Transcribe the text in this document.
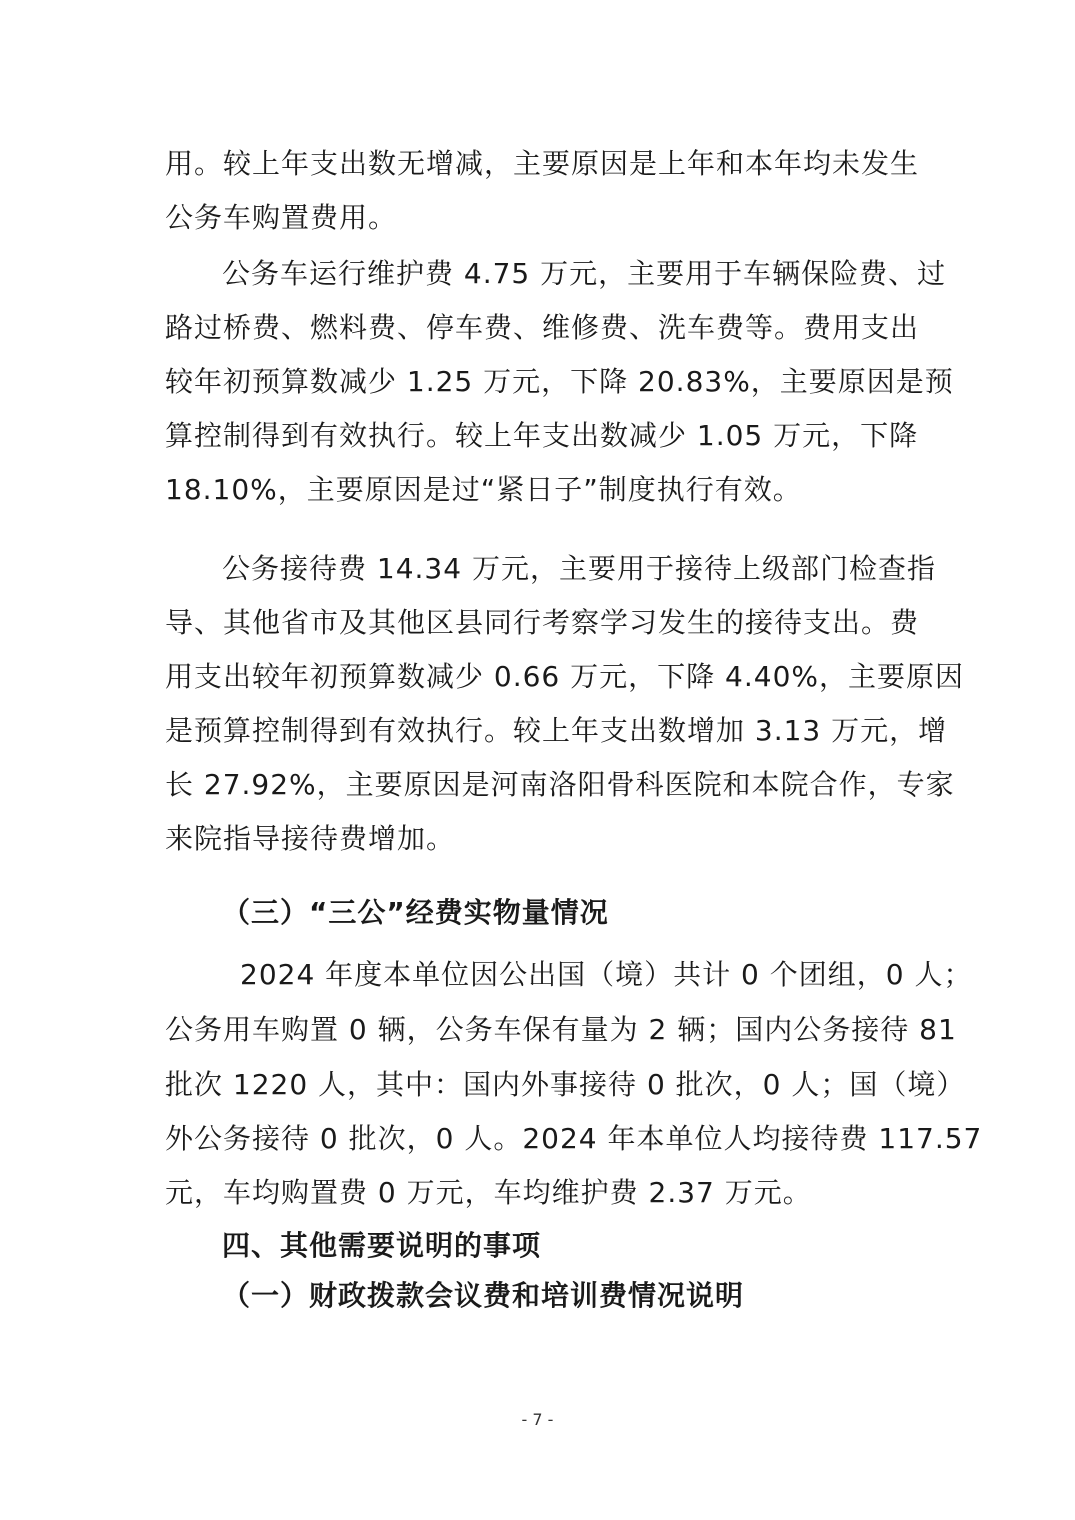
用。较上年支出数无增减，主要原因是上年和本年均未发生
公务车购置费用。
公务车运行维护费 4.75 万元，主要用于车辆保险费、过
路过桥费、燃料费、停车费、维修费、洗车费等。费用支出
较年初预算数减少 1.25 万元，下降 20.83%，主要原因是预
算控制得到有效执行。较上年支出数减少 1.05 万元，下降
18.10%，主要原因是过“紧日子”制度执行有效。
公务接待费 14.34 万元，主要用于接待上级部门检查指
导、其他省市及其他区县同行考察学习发生的接待支出。费
用支出较年初预算数减少 0.66 万元，下降 4.40%，主要原因
是预算控制得到有效执行。较上年支出数增加 3.13 万元，增
长 27.92%，主要原因是河南洛阳骨科医院和本院合作，专家
来院指导接待费增加。
（三）“三公”经费实物量情况
2024 年度本单位因公出国（境）共计 0 个团组，0 人；
公务用车购置 0 辆，公务车保有量为 2 辆；国内公务接待 81
批次 1220 人，其中：国内外事接待 0 批次，0 人；国（境）
外公务接待 0 批次，0 人。2024 年本单位人均接待费 117.57
元，车均购置费 0 万元，车均维护费 2.37 万元。
四、其他需要说明的事项
（一）财政拨款会议费和培训费情况说明
- 7 -
